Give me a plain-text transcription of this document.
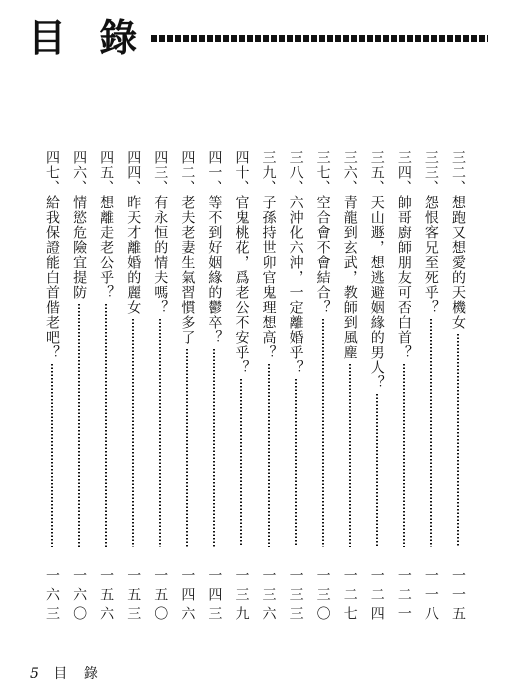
目 錄
三二、想跑又想愛的天機女
一一五
三三、怨恨客兄至死乎？
一一八
三四、帥哥廚師朋友可否白首？
一二一
三五、天山遯，想逃避姻緣的男人？
一二四
三六、青龍到玄武，教師到風塵
一二七
三七、空合會不會結合？
一三〇
三八、六沖化六沖，一定離婚乎？
一三三
三九、子孫持世卯官鬼理想高？
一三六
四十、官鬼桃花，爲老公不安乎？
一三九
四一、等不到好姻緣的鬱卒？
一四三
四二、老夫老妻生氣習慣多了
一四六
四三、有永恒的情夫嗎？
一五〇
四四、昨天才離婚的麗女
一五三
四五、想離走老公乎？
一五六
四六、情慾危險宜提防
一六〇
四七、給我保證能白首偕老吧？
一六三
5 目 錄
